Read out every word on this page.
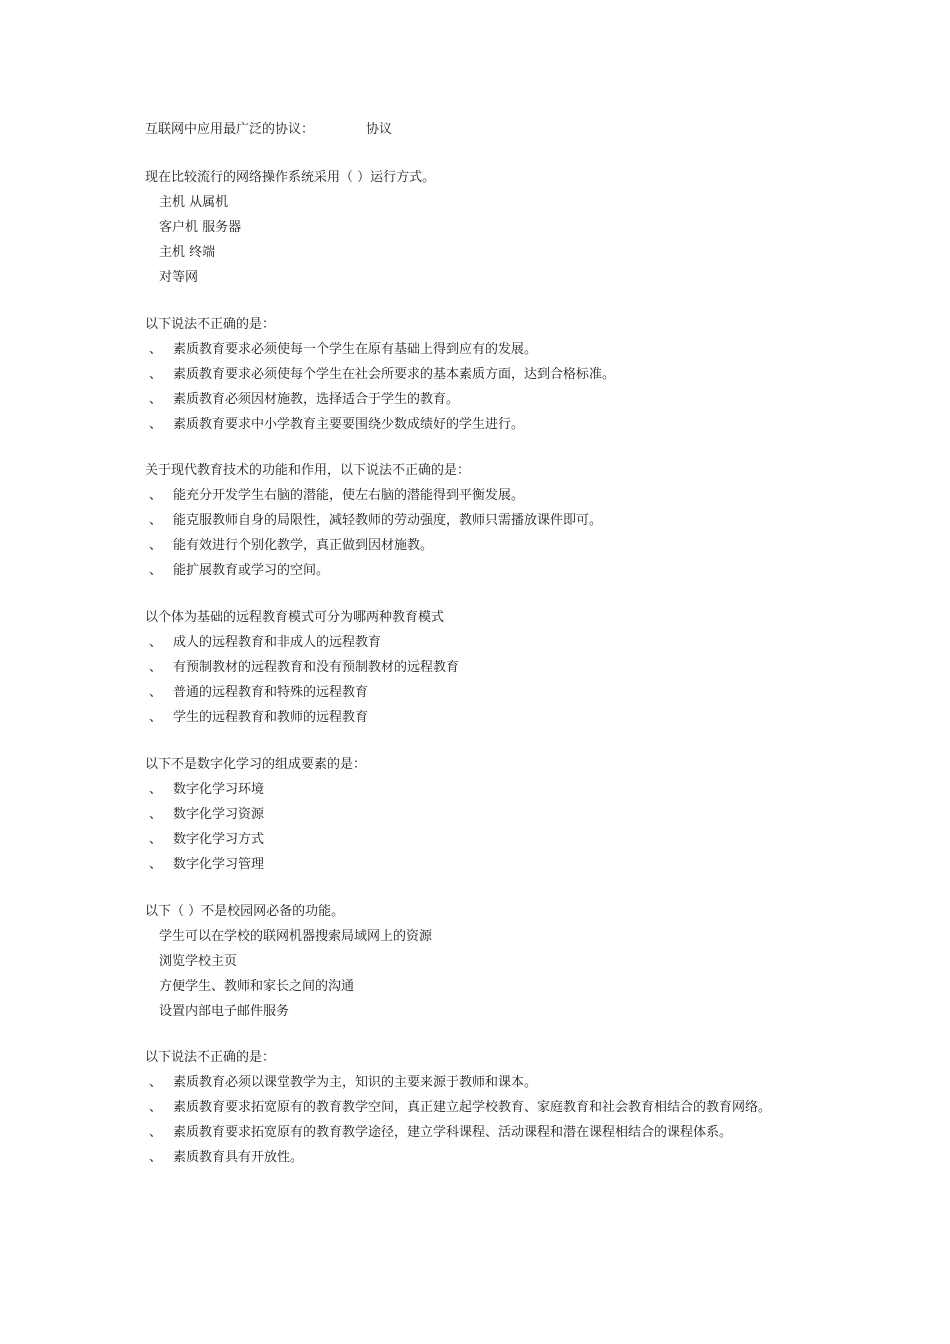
互联网中应用最广泛的协议：	协议
现在比较流行的网络操作系统采用（ ）运行方式。
主机 从属机
客户机 服务器
主机 终端
对等网
以下说法不正确的是：
、 素质教育要求必须使每一个学生在原有基础上得到应有的发展。
、 素质教育要求必须使每个学生在社会所要求的基本素质方面，达到合格标准。
、 素质教育必须因材施教，选择适合于学生的教育。
、 素质教育要求中小学教育主要要围绕少数成绩好的学生进行。
关于现代教育技术的功能和作用，以下说法不正确的是：
、 能充分开发学生右脑的潜能，使左右脑的潜能得到平衡发展。
、 能克服教师自身的局限性，减轻教师的劳动强度，教师只需播放课件即可。
、 能有效进行个别化教学，真正做到因材施教。
、 能扩展教育或学习的空间。
以个体为基础的远程教育模式可分为哪两种教育模式
、 成人的远程教育和非成人的远程教育
、 有预制教材的远程教育和没有预制教材的远程教育
、 普通的远程教育和特殊的远程教育
、 学生的远程教育和教师的远程教育
以下不是数字化学习的组成要素的是：
、 数字化学习环境
、 数字化学习资源
、 数字化学习方式
、 数字化学习管理
以下（ ）不是校园网必备的功能。
学生可以在学校的联网机器搜索局域网上的资源
浏览学校主页
方便学生、教师和家长之间的沟通
设置内部电子邮件服务
以下说法不正确的是：
、 素质教育必须以课堂教学为主，知识的主要来源于教师和课本。
、 素质教育要求拓宽原有的教育教学空间，真正建立起学校教育、家庭教育和社会教育相结合的教育网络。
、 素质教育要求拓宽原有的教育教学途径，建立学科课程、活动课程和潜在课程相结合的课程体系。
、 素质教育具有开放性。
